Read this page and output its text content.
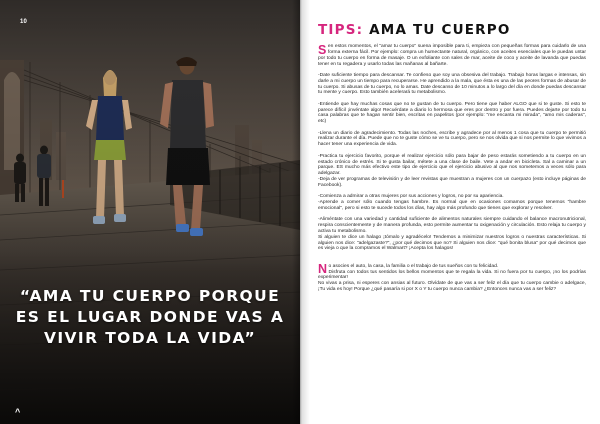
10
“AMA TU CUERPO PORQUE ES EL LUGAR DONDE VAS A VIVIR TODA LA VIDA”
^
TIPS: AMA TU CUERPO
Sen estos momentos, el "amar tu cuerpo" suena imposible para ti, empieza con pequeñas formas para cuidarlo de una forma externa fácil. Por ejemplo: compra un humectante natural, orgánico, con aceites esenciales que le puedas untar por todo tu cuerpo en forma de masaje. O un exfoliante con sales de mar, aceite de coco y aceite de lavanda que puedas tener en tu regadera y usarlo todas las mañanas al bañarte.
-Date suficiente tiempo para descansar. Te confieso que soy una obsesiva del trabajo. Trabajo horas largas e intensas, sin darle a mi cuerpo un tiempo para recuperarse. He aprendido a la mala, que ésta es una de las peores formas de abusar de tu cuerpo. Si abusas de tu cuerpo, no lo amas. Date descanso de 10 minutos a lo largo del día en donde puedas descansar tu mente y cuerpo. Esto también acelerará tu metabolismo.
-Entiende que hay muchas cosas que no te gustan de tu cuerpo. Pero tiene que haber ALGO que si te guste. Si esto te parece difícil ¡invéntate algo! Recuérdate a diario lo hermosa que eres por dentro y por fuera. Puedes dejarte por todo tu casa palabras que te hagan sentir bien, escritas en papelitos (por ejemplo: "me encanta mi mirada", "amo mis caderas", etc)
-Llena un diario de agradecimiento. Todas las noches, escribe y agradece por al menos 1 cosa que tu cuerpo te permitió realizar durante el día. Puede que no te guste cómo se ve tu cuerpo, pero se nos olvida que si nos permite lo que vivimos a hacer tener una experiencia de vida.
-Practica tu ejercicio favorito, porque el realizar ejercicio sólo para bajar de peso estarás sometiendo a tu cuerpo en un estado crónico de estrés. Si te gusta bailar, métete a una clase de baile. Vete a andar en bicicleta. Sal a caminar a un parque. ES mucho más efectivo este tipo de ejercicio que el ejercicio abusivo al que nos sometemos a veces sólo para adelgazar.
-Deja de ver programas de televisión y de leer revistas que muestran a mujeres con un cuerpazo (esto incluye páginas de Facebook).
-Comienza a admirar a otras mujeres por sus acciones y logros, no por su apariencia.
-Aprende a comer sólo cuando tengas hambre. Es normal que en ocasiones comamos porque tenemos "hambre emocional", pero si esto te sucede todos los días, hay algo más profundo que tienes que explorar y resolver.
-Aliméntate con una variedad y cantidad suficiente de alimentos naturales siempre cuidando el balance macronutricional, respira conscientemente y de manera profunda, esto permite aumentar tu oxigenación y circulación. Esto relaja tu cuerpo y activa tu metabolismo.
Si alguien te dice un halago ¡tómalo y agradécelo! Tendemos a minimizar nuestros logros o nuestras características. Si alguien nos dice: "adelgazaste?", ¿por qué decimos que no? Si alguien nos dice: "qué bonita blusa" por qué decimos que es vieja o que la compramos el Walmart? ¡Acepta los halagos!

No asocies el auto, la casa, la familia o el trabajo de tus sueños con tu felicidad.
Disfruta con todos tus sentidos los bellos momentos que te regala la vida. Si no fuera por tu cuerpo, ¡no los podrías experimentar!
No vivas a prisa, ni esperes con ansias al futuro. Olvídate de que vas a ser feliz el día que tu cuerpo cambie o adelgace, ¡Tu vida es hoy! Porque ¿qué pasaría si por X o Y tu cuerpo nunca cambia? ¿Entonces nunca vas a ser feliz?
